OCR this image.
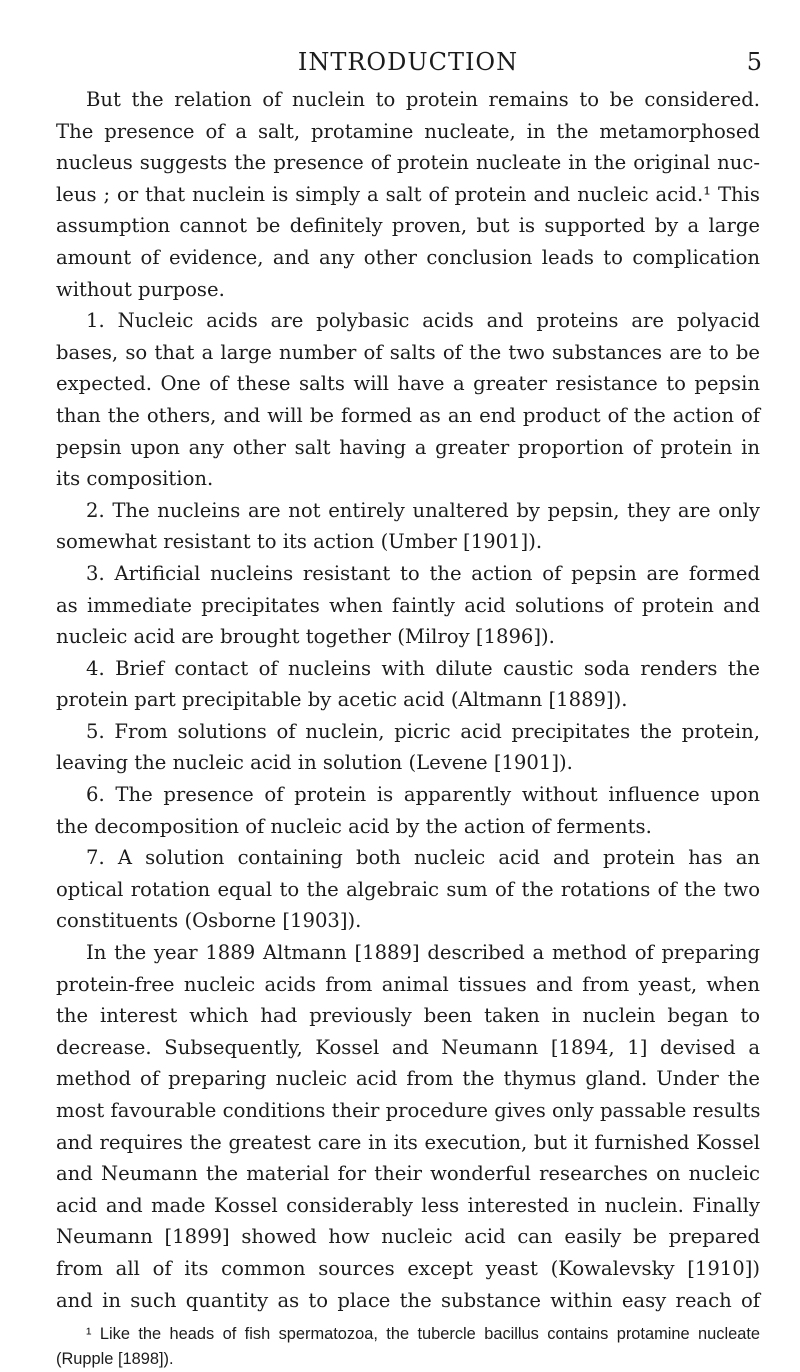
INTRODUCTION	5
But the relation of nuclein to protein remains to be considered.
The presence of a salt, protamine nucleate, in the metamorphosed
nucleus suggests the presence of protein nucleate in the original nuc-
leus ; or that nuclein is simply a salt of protein and nucleic acid.¹ This
assumption cannot be definitely proven, but is supported by a large
amount of evidence, and any other conclusion leads to complication
without purpose.
1. Nucleic acids are polybasic acids and proteins are polyacid
bases, so that a large number of salts of the two substances are to be
expected. One of these salts will have a greater resistance to pepsin
than the others, and will be formed as an end product of the action of
pepsin upon any other salt having a greater proportion of protein in
its composition.
2. The nucleins are not entirely unaltered by pepsin, they are only
somewhat resistant to its action (Umber [1901]).
3. Artificial nucleins resistant to the action of pepsin are formed
as immediate precipitates when faintly acid solutions of protein and
nucleic acid are brought together (Milroy [1896]).
4. Brief contact of nucleins with dilute caustic soda renders the
protein part precipitable by acetic acid (Altmann [1889]).
5. From solutions of nuclein, picric acid precipitates the protein,
leaving the nucleic acid in solution (Levene [1901]).
6. The presence of protein is apparently without influence upon
the decomposition of nucleic acid by the action of ferments.
7. A solution containing both nucleic acid and protein has an
optical rotation equal to the algebraic sum of the rotations of the two
constituents (Osborne [1903]).
In the year 1889 Altmann [1889] described a method of preparing
protein-free nucleic acids from animal tissues and from yeast, when
the interest which had previously been taken in nuclein began to
decrease. Subsequently, Kossel and Neumann [1894, 1] devised a
method of preparing nucleic acid from the thymus gland. Under the
most favourable conditions their procedure gives only passable results
and requires the greatest care in its execution, but it furnished Kossel
and Neumann the material for their wonderful researches on nucleic
acid and made Kossel considerably less interested in nuclein. Finally
Neumann [1899] showed how nucleic acid can easily be prepared
from all of its common sources except yeast (Kowalevsky [1910])
and in such quantity as to place the substance within easy reach of
¹ Like the heads of fish spermatozoa, the tubercle bacillus contains protamine nucleate
(Rupple [1898]).
